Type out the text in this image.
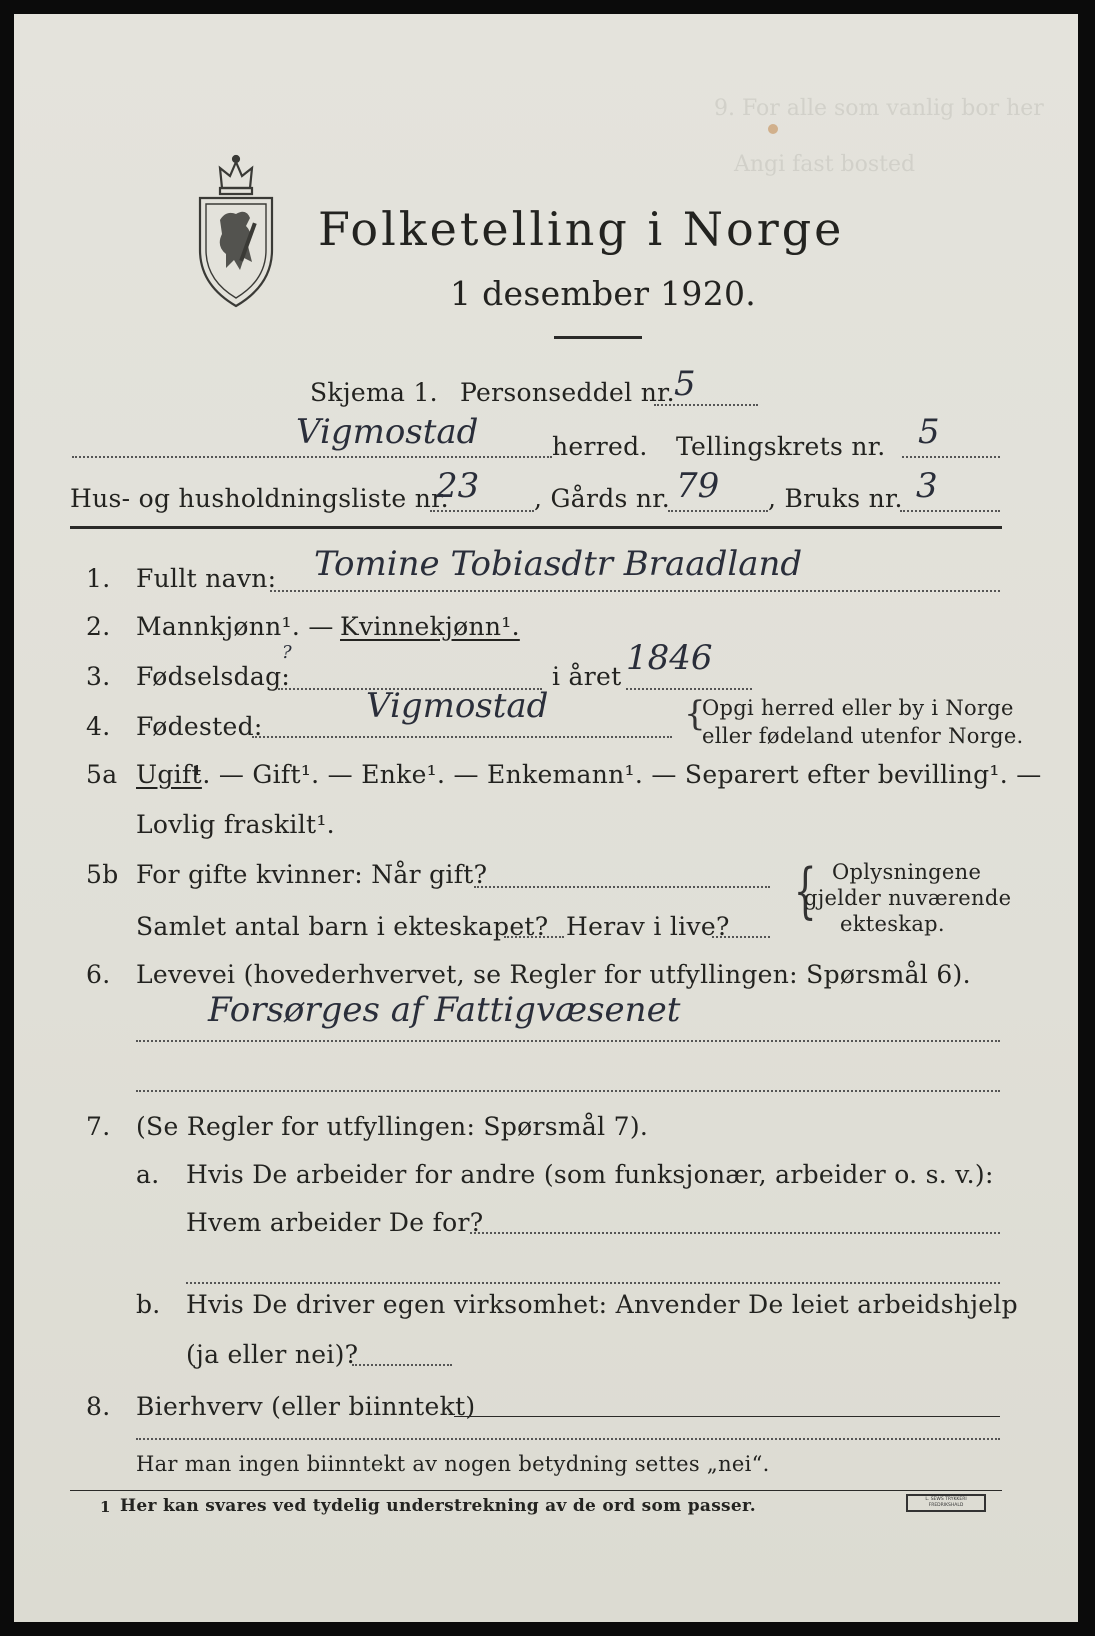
9. For alle som vanlig bor her
Angi fast bosted
Folketelling i Norge
1 desember 1920.
Skjema 1. Personseddel nr. 5
Vigmostad	herred. Tellingskrets nr. 5
Hus- og husholdningsliste nr.
23 , Gårds nr. 79 , Bruks nr. 3
1. Fullt navn: Tomine Tobiasdtr Braadland
2. Mannkjønn¹. — Kvinnekjønn¹.
3. Fødselsdag:
?
i året 1846
4. Fødested:
Vigmostad	{
Opgi herred eller by i Norge
eller fødeland utenfor Norge.
5a Ugift
¹. — Gift¹. — Enke¹. — Enkemann¹. — Separert efter bevilling¹. —
Lovlig fraskilt¹.
5b For gifte kvinner: Når gift?
Samlet antal barn i ekteskapet? Herav i live?
{ Oplysningene
gjelder nuværende
ekteskap.
6. Levevei (hovederhvervet, se Regler for utfyllingen: Spørsmål 6).
Forsørges af Fattigvæsenet
7. (Se Regler for utfyllingen: Spørsmål 7).
a. Hvis De arbeider for andre (som funksjonær, arbeider o. s. v.):
Hvem arbeider De for?
b. Hvis De driver egen virksomhet: Anvender De leiet arbeidshjelp
(ja eller nei)?
8. Bierhverv (eller biinntekt)
Har man ingen biinntekt av nogen betydning settes „nei“.
1 Her kan svares ved tydelig understrekning av de ord som passer.	L. SEWS TRYKKERI FREDRIKSHALD
